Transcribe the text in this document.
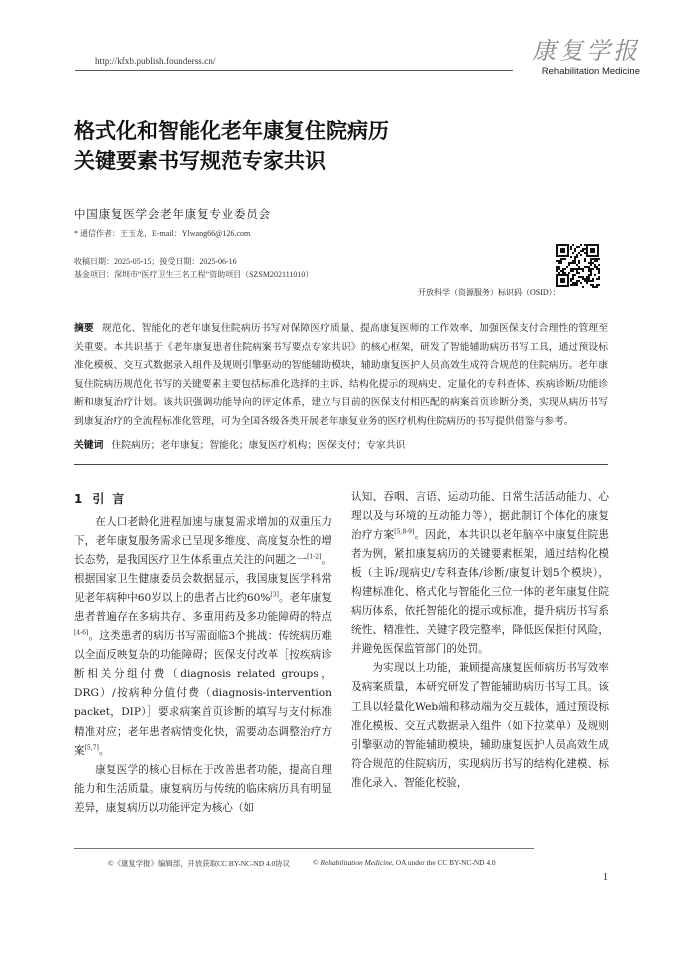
http://kfxb.publish.founderss.cn/	康复学报
Rehabilitation Medicine
格式化和智能化老年康复住院病历
关键要素书写规范专家共识
中国康复医学会老年康复专业委员会
* 通信作者：王玉龙，E-mail：Ylwang66@126.com
收稿日期：2025-05-15；接受日期：2025-06-16
基金项目：深圳市“医疗卫生三名工程”资助项目（SZSM202111010）
开放科学（资源服务）标识码（OSID）：
摘要 规范化、智能化的老年康复住院病历书写对保障医疗质量、提高康复医师的工作效率、加强医保支付合理性的管理至关重要。本共识基于《老年康复患者住院病案书写要点专家共识》的核心框架，研发了智能辅助病历书写工具，通过预设标准化模板、交互式数据录入组件及规则引擎驱动的智能辅助模块，辅助康复医护人员高效生成符合规范的住院病历。老年康复住院病历规范化书写的关键要素主要包括标准化选择的主诉、结构化提示的现病史、定量化的专科查体、疾病诊断/功能诊断和康复治疗计划。该共识强调功能导向的评定体系，建立与目前的医保支付相匹配的病案首页诊断分类，实现从病历书写到康复治疗的全流程标准化管理，可为全国各级各类开展老年康复业务的医疗机构住院病历的书写提供借鉴与参考。
关键词 住院病历；老年康复；智能化；康复医疗机构；医保支付；专家共识
1 引言

在人口老龄化进程加速与康复需求增加的双重压力下，老年康复服务需求已呈现多维度、高度复杂性的增长态势，是我国医疗卫生体系重点关注的问题之一[1-2]。根据国家卫生健康委员会数据显示，我国康复医学科常见老年病种中60岁以上的患者占比约60%[3]。老年康复患者普遍存在多病共存、多重用药及多功能障碍的特点[4-6]。这类患者的病历书写需面临3个挑战：传统病历难以全面反映复杂的功能障碍；医保支付改革［按疾病诊断相关分组付费（diagnosis related groups，DRG）/按病种分值付费（diagnosis-intervention packet，DIP）］要求病案首页诊断的填写与支付标准精准对应；老年患者病情变化快，需要动态调整治疗方案[5,7]。

康复医学的核心目标在于改善患者功能，提高自理能力和生活质量。康复病历与传统的临床病历具有明显差异，康复病历以功能评定为核心（如

认知、吞咽、言语、运动功能、日常生活活动能力、心理以及与环境的互动能力等），据此制订个体化的康复治疗方案[5,8-9]。因此，本共识以老年脑卒中康复住院患者为例，紧扣康复病历的关键要素框架，通过结构化模板（主诉/现病史/专科查体/诊断/康复计划5个模块），构建标准化、格式化与智能化三位一体的老年康复住院病历体系，依托智能化的提示或标准，提升病历书写系统性、精准性、关键字段完整率，降低医保拒付风险，并避免医保监管部门的处罚。

为实现以上功能，兼顾提高康复医师病历书写效率及病案质量，本研究研发了智能辅助病历书写工具。该工具以轻量化Web端和移动端为交互载体，通过预设标准化模板、交互式数据录入组件（如下拉菜单）及规则引擎驱动的智能辅助模块，辅助康复医护人员高效生成符合规范的住院病历，实现病历书写的结构化建模、标准化录入、智能化校验，

©《康复学报》编辑部，开放获取CC BY-NC-ND 4.0协议	© Rehabilitation Medicine, OA under the CC BY-NC-ND 4.0
1
